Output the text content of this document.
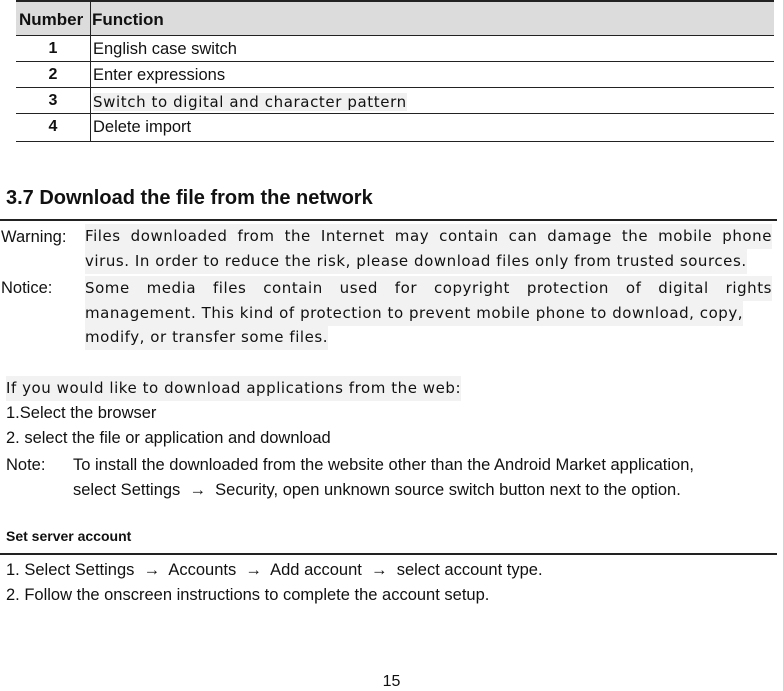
Number Function
1	English case switch
2	Enter expressions
3	Switch to digital and character pattern
4	Delete import
3.7 Download the file from the network
Warning: Files downloaded from the Internet may contain can damage the mobile phone
virus. In order to reduce the risk, please download files only from trusted sources.
Notice: Some media files contain used for copyright protection of digital rights
management. This kind of protection to prevent mobile phone to download, copy,
modify, or transfer some files.
If you would like to download applications from the web:
1.Select the browser
2. select the file or application and download
Note: To install the downloaded from the website other than the Android Market application,
select Settings  →  Security, open unknown source switch button next to the option.
Set server account
1. Select Settings  →  Accounts  →  Add account  →  select account type.
2. Follow the onscreen instructions to complete the account setup.
15
